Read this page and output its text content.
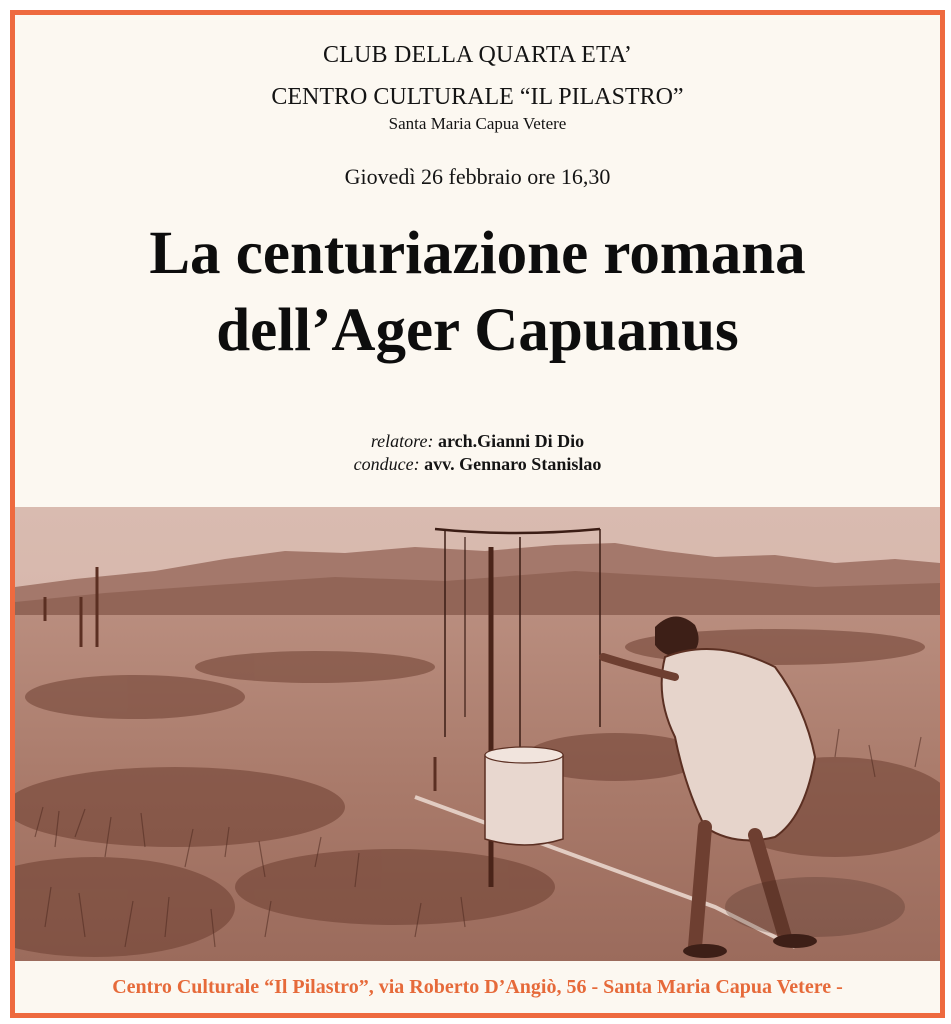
CLUB DELLA QUARTA ETA’
CENTRO CULTURALE “IL PILASTRO”
Santa Maria Capua Vetere
Giovedì 26 febbraio ore 16,30
La centuriazione romana
dell’Ager Capuanus
relatore: arch.Gianni Di Dio
conduce: avv. Gennaro Stanislao
Centro Culturale “Il Pilastro”, via Roberto D’Angiò, 56 - Santa Maria Capua Vetere -
